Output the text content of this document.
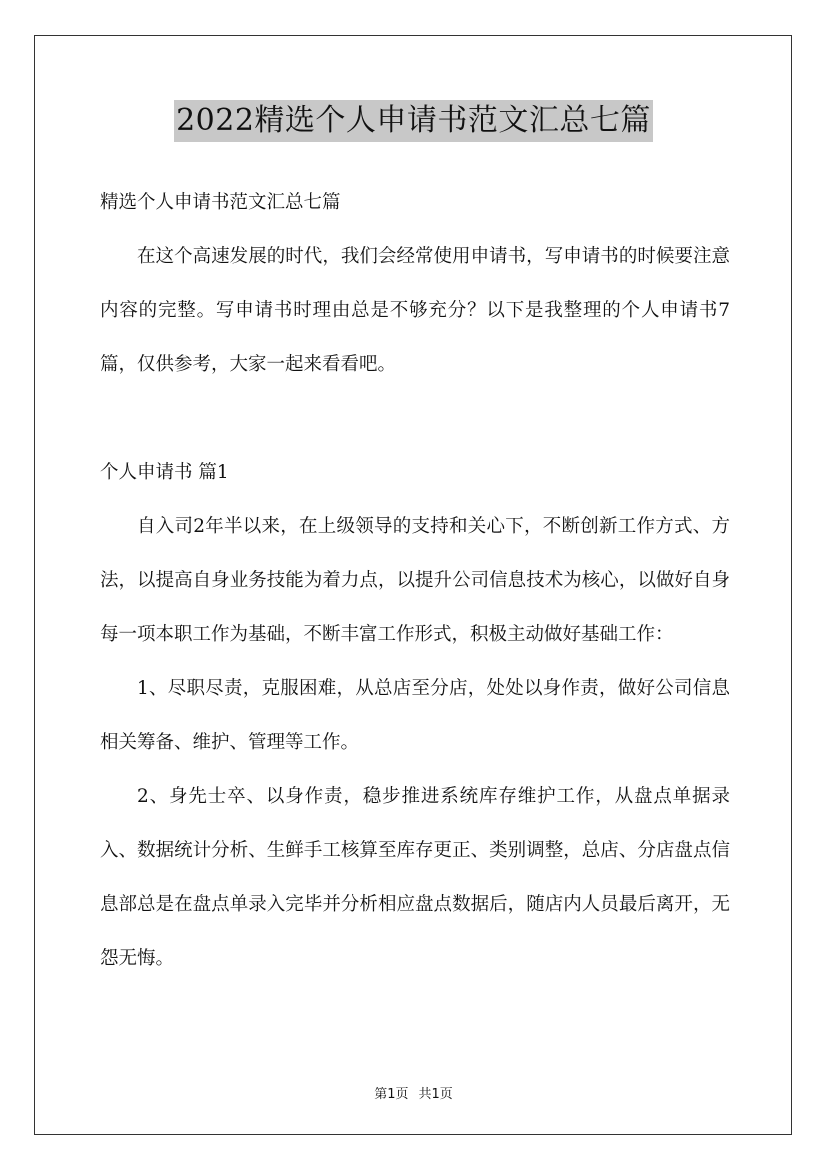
2022精选个人申请书范文汇总七篇

精选个人申请书范文汇总七篇

在这个高速发展的时代，我们会经常使用申请书，写申请书的时候要注意内容的完整。写申请书时理由总是不够充分？以下是我整理的个人申请书7篇，仅供参考，大家一起来看看吧。

个人申请书 篇1

自入司2年半以来，在上级领导的支持和关心下，不断创新工作方式、方法，以提高自身业务技能为着力点，以提升公司信息技术为核心，以做好自身每一项本职工作为基础，不断丰富工作形式，积极主动做好基础工作：

1、尽职尽责，克服困难，从总店至分店，处处以身作责，做好公司信息相关筹备、维护、管理等工作。

2、身先士卒、以身作责，稳步推进系统库存维护工作，从盘点单据录入、数据统计分析、生鲜手工核算至库存更正、类别调整，总店、分店盘点信息部总是在盘点单录入完毕并分析相应盘点数据后，随店内人员最后离开，无怨无悔。

第1页 共1页
